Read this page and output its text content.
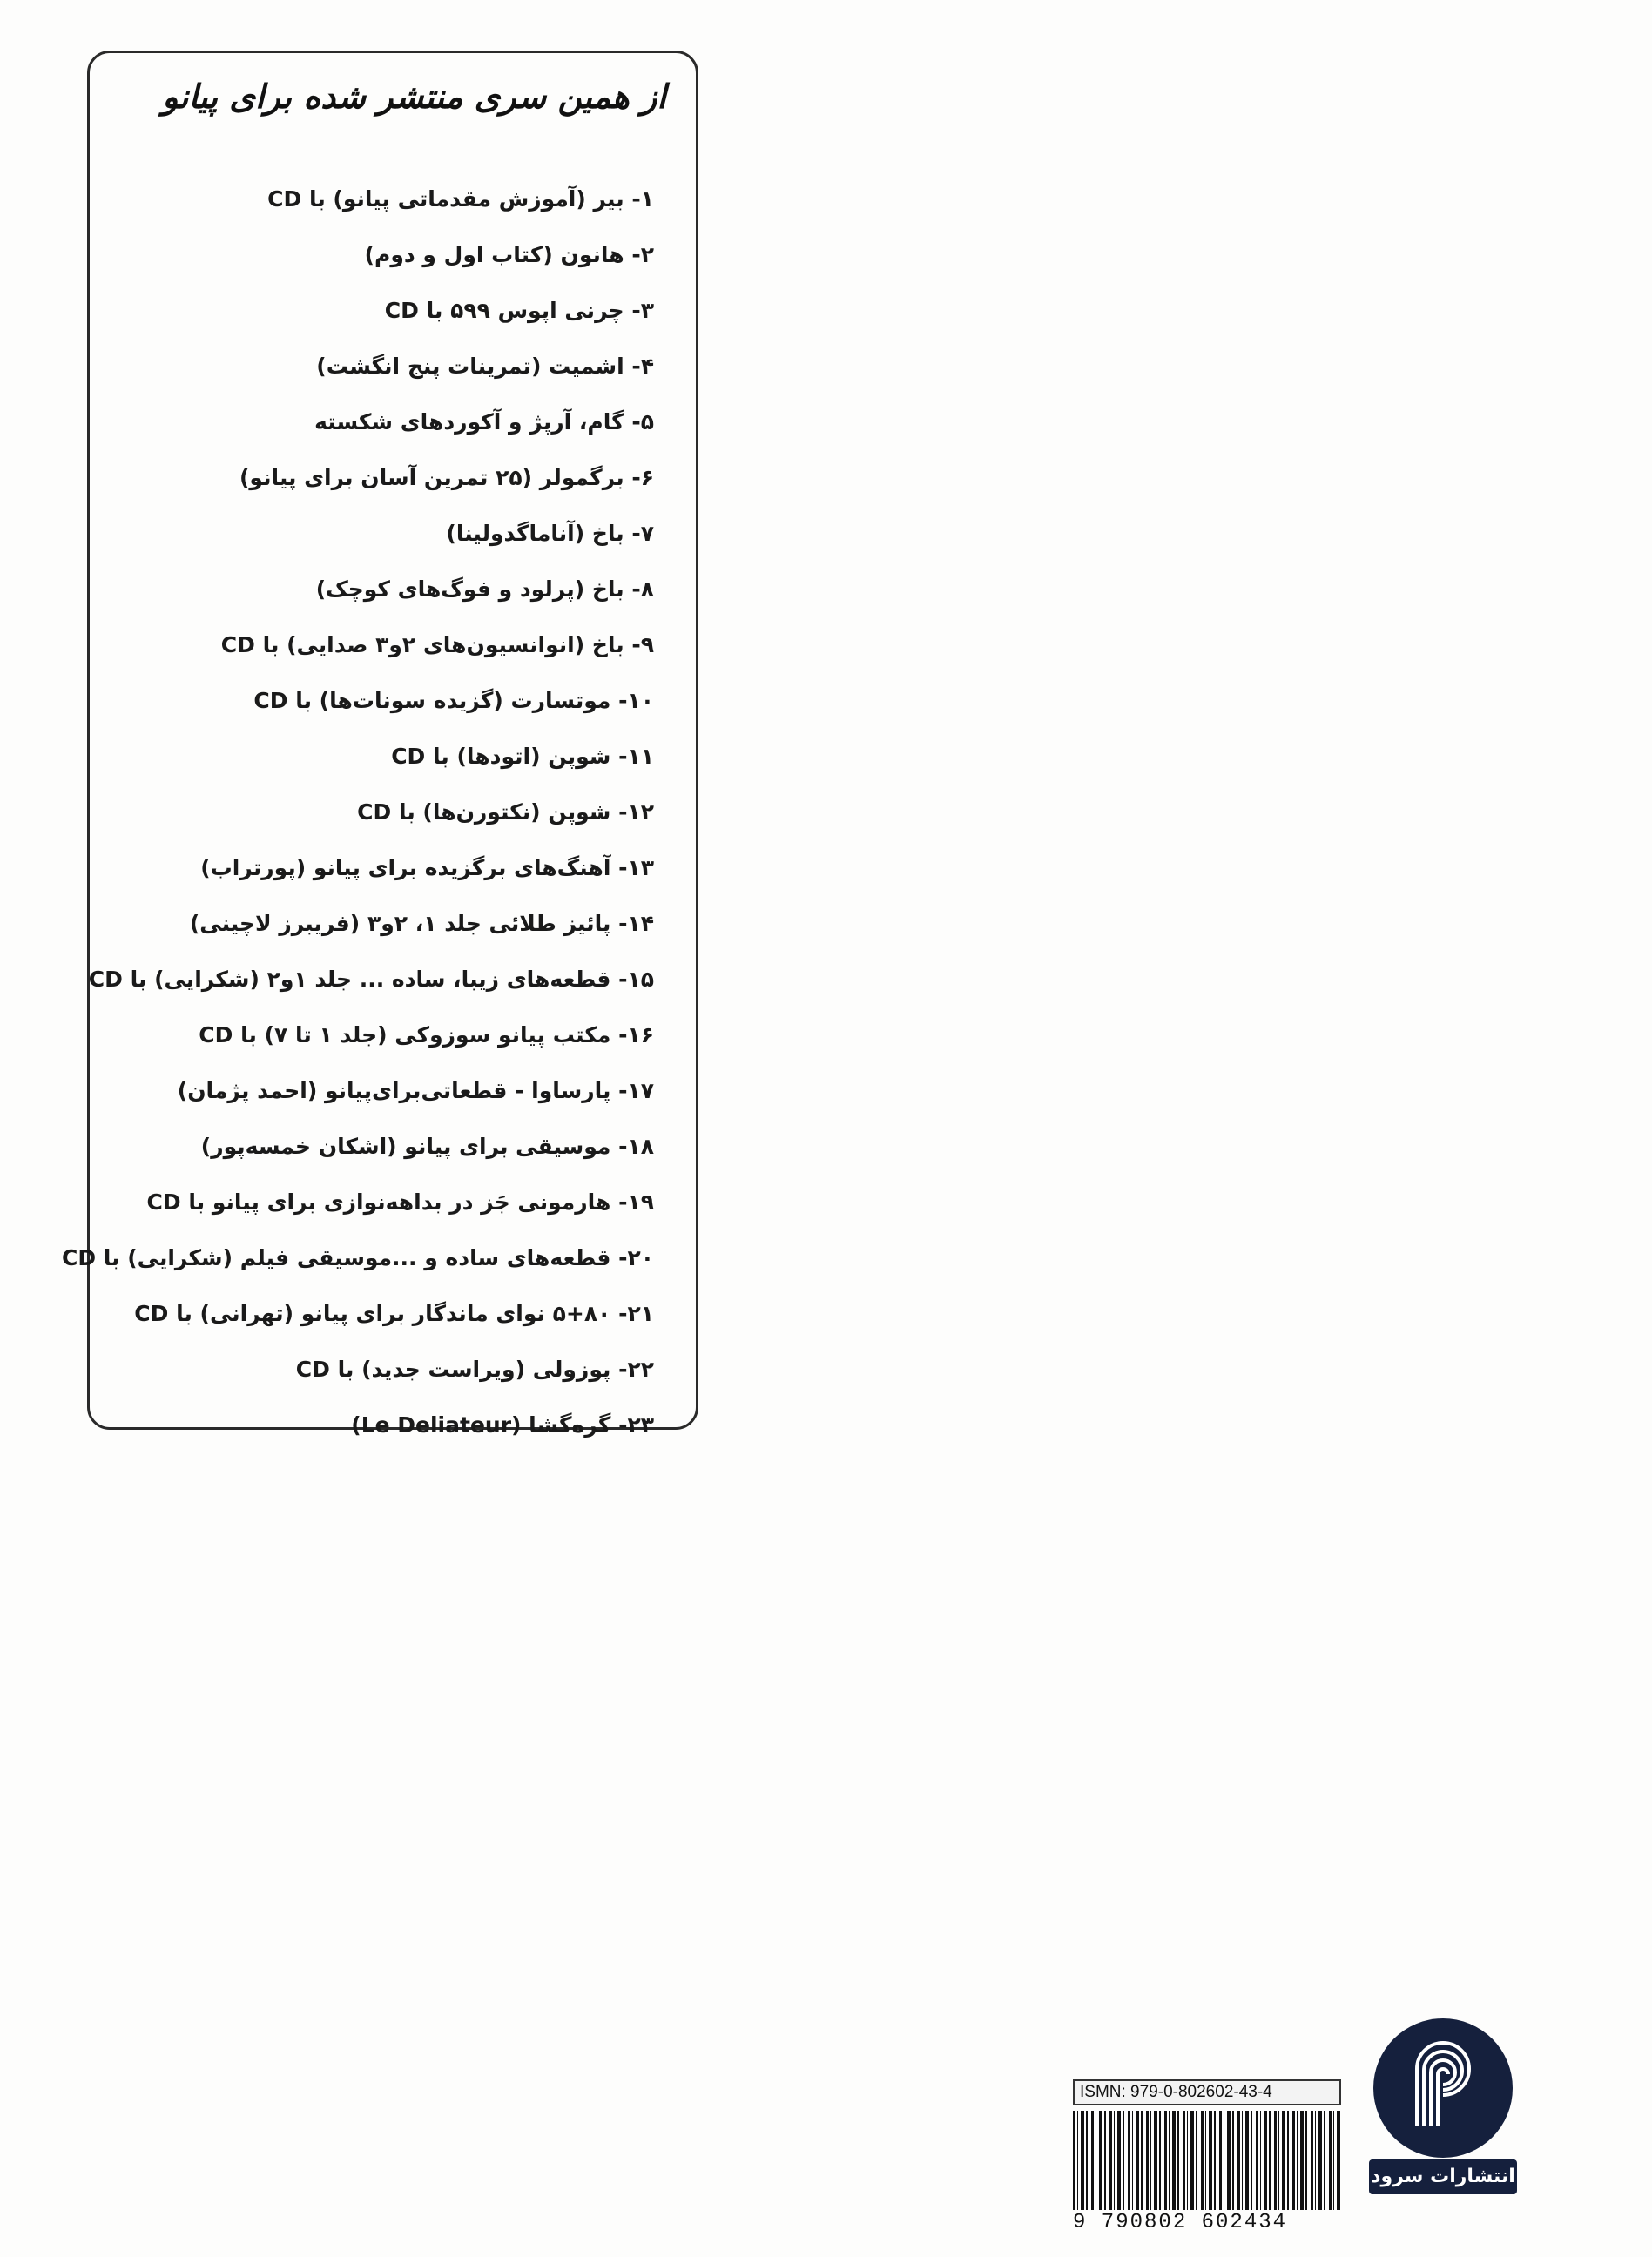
از همین سری منتشر شده برای پیانو
۱- بیر (آموزش مقدماتی پیانو) با CD
۲- هانون (کتاب اول و دوم)
۳- چرنی اپوس ۵۹۹ با CD
۴- اشمیت (تمرینات پنج انگشت)
۵- گام، آرپژ و آکوردهای شکسته
۶- برگمولر (۲۵ تمرین آسان برای پیانو)
۷- باخ (آناماگدولینا)
۸- باخ (پرلود و فوگ‌های کوچک)
۹- باخ (انوانسیون‌های ۲و۳ صدایی) با CD
۱۰- موتسارت (گزیده سونات‌ها) با CD
۱۱- شوپن (اتودها) با CD
۱۲- شوپن (نکتورن‌ها) با CD
۱۳- آهنگ‌های برگزیده برای پیانو (پورتراب)
۱۴- پائیز طلائی جلد ۱، ۲و۳ (فریبرز لاچینی)
۱۵- قطعه‌های زیبا، ساده ... جلد ۱و۲ (شکرایی) با CD
۱۶- مکتب پیانو سوزوکی (جلد ۱ تا ۷) با CD
۱۷- پارساوا - قطعاتی‌برای‌پیانو (احمد پژمان)
۱۸- موسیقی برای پیانو (اشکان خمسه‌پور)
۱۹- هارمونی جَز در بداهه‌نوازی برای پیانو با CD
۲۰- قطعه‌های ساده و ...موسیقی فیلم (شکرایی) با CD
۲۱- ۵+۸۰ نوای ماندگار برای پیانو (تهرانی) با CD
۲۲- پوزولی (ویراست جدید) با CD
۲۳- گره‌گشا (Le Deliateur)
ISMN: 979-0-802602-43-4
9 790802 602434
انتشارات سرود
